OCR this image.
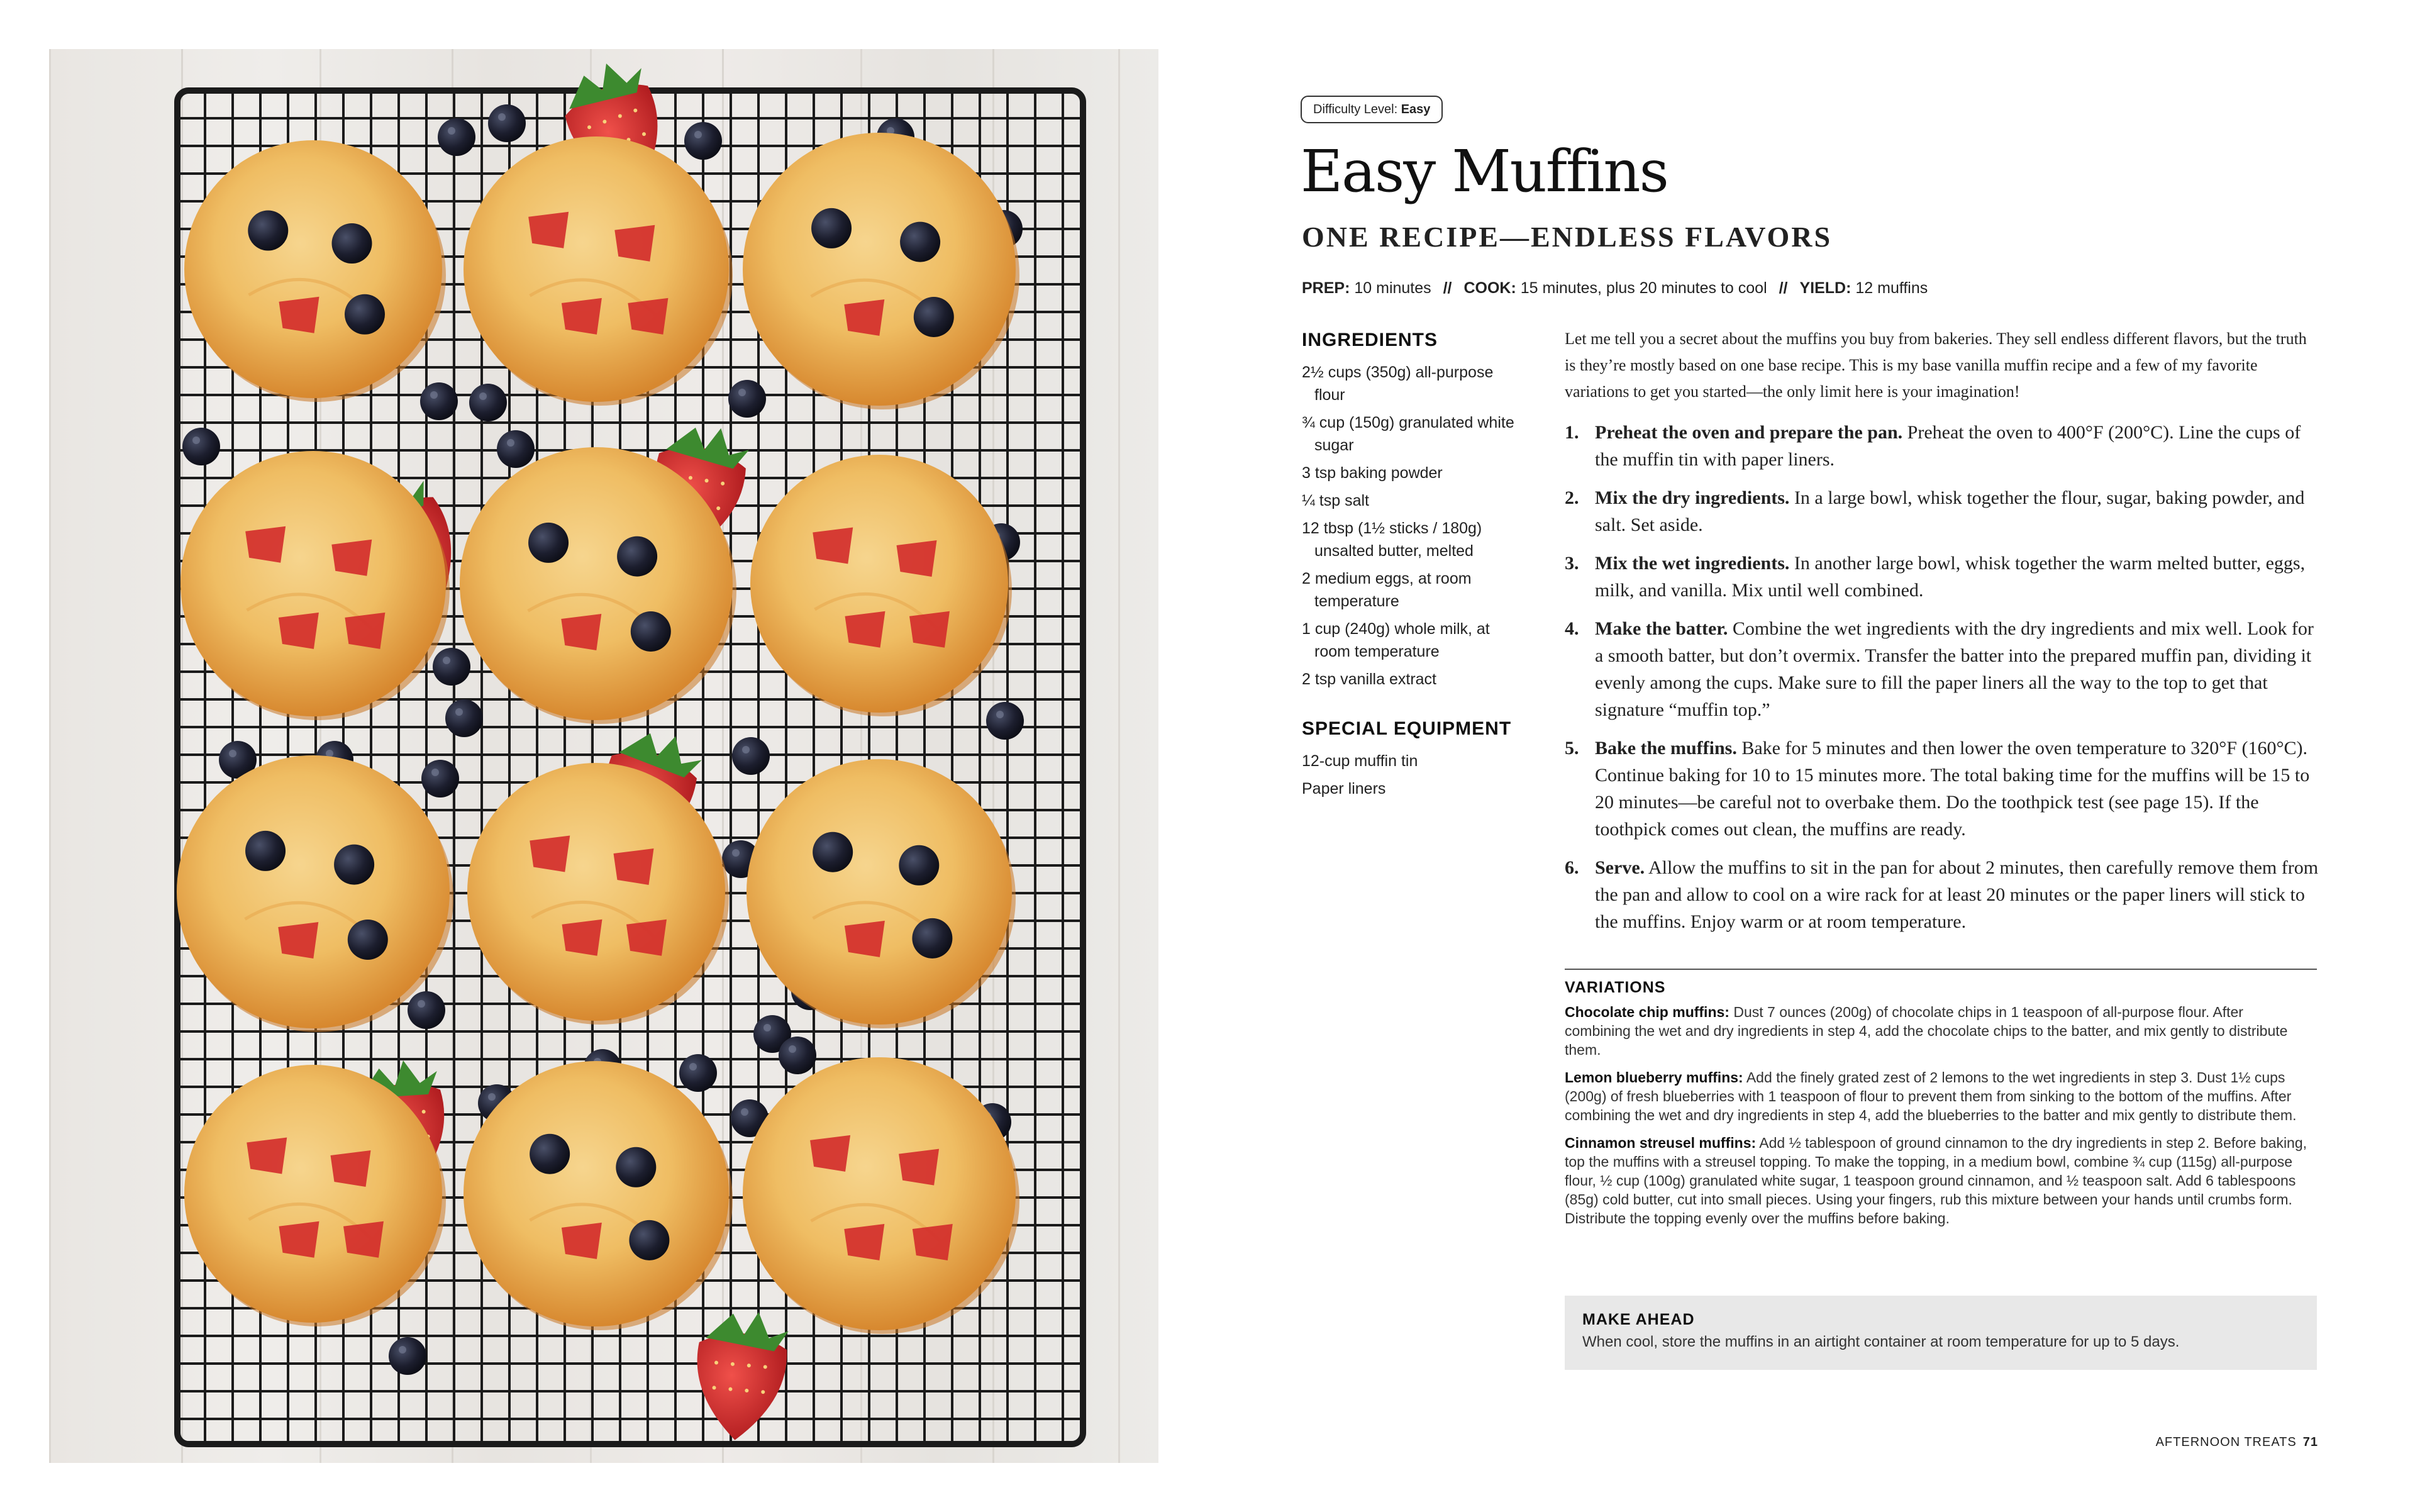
Difficulty Level: Easy
Easy Muffins
ONE RECIPE—ENDLESS FLAVORS
PREP: 10 minutes // COOK: 15 minutes, plus 20 minutes to cool // YIELD: 12 muffins
INGREDIENTS
2½ cups (350g) all-purpose flour
¾ cup (150g) granulated white sugar
3 tsp baking powder
¼ tsp salt
12 tbsp (1½ sticks / 180g) unsalted butter, melted
2 medium eggs, at room temperature
1 cup (240g) whole milk, at room temperature
2 tsp vanilla extract
SPECIAL EQUIPMENT
12-cup muffin tin
Paper liners

Let me tell you a secret about the muffins you buy from bakeries. They sell endless different flavors, but the truth is they’re mostly based on one base recipe. This is my base vanilla muffin recipe and a few of my favorite variations to get you started—the only limit here is your imagination!

1. Preheat the oven and prepare the pan. Preheat the oven to 400°F (200°C). Line the cups of the muffin tin with paper liners.
2. Mix the dry ingredients. In a large bowl, whisk together the flour, sugar, baking powder, and salt. Set aside.
3. Mix the wet ingredients. In another large bowl, whisk together the warm melted butter, eggs, milk, and vanilla. Mix until well combined.
4. Make the batter. Combine the wet ingredients with the dry ingredients and mix well. Look for a smooth batter, but don’t overmix. Transfer the batter into the prepared muffin pan, dividing it evenly among the cups. Make sure to fill the paper liners all the way to the top to get that signature “muffin top.”
5. Bake the muffins. Bake for 5 minutes and then lower the oven temperature to 320°F (160°C). Continue baking for 10 to 15 minutes more. The total baking time for the muffins will be 15 to 20 minutes—be careful not to overbake them. Do the toothpick test (see page 15). If the toothpick comes out clean, the muffins are ready.
6. Serve. Allow the muffins to sit in the pan for about 2 minutes, then carefully remove them from the pan and allow to cool on a wire rack for at least 20 minutes or the paper liners will stick to the muffins. Enjoy warm or at room temperature.
VARIATIONS

Chocolate chip muffins: Dust 7 ounces (200g) of chocolate chips in 1 teaspoon of all-purpose flour. After combining the wet and dry ingredients in step 4, add the chocolate chips to the batter, and mix gently to distribute them.

Lemon blueberry muffins: Add the finely grated zest of 2 lemons to the wet ingredients in step 3. Dust 1½ cups (200g) of fresh blueberries with 1 teaspoon of flour to prevent them from sinking to the bottom of the muffins. After combining the wet and dry ingredients in step 4, add the blueberries to the batter and mix gently to distribute them.

Cinnamon streusel muffins: Add ½ tablespoon of ground cinnamon to the dry ingredients in step 2. Before baking, top the muffins with a streusel topping. To make the topping, in a medium bowl, combine ¾ cup (115g) all-purpose flour, ½ cup (100g) granulated white sugar, 1 teaspoon ground cinnamon, and ½ teaspoon salt. Add 6 tablespoons (85g) cold butter, cut into small pieces. Using your fingers, rub this mixture between your hands until crumbs form. Distribute the topping evenly over the muffins before baking.

MAKE AHEAD

When cool, store the muffins in an airtight container at room temperature for up to 5 days.

AFTERNOON TREATS 71
